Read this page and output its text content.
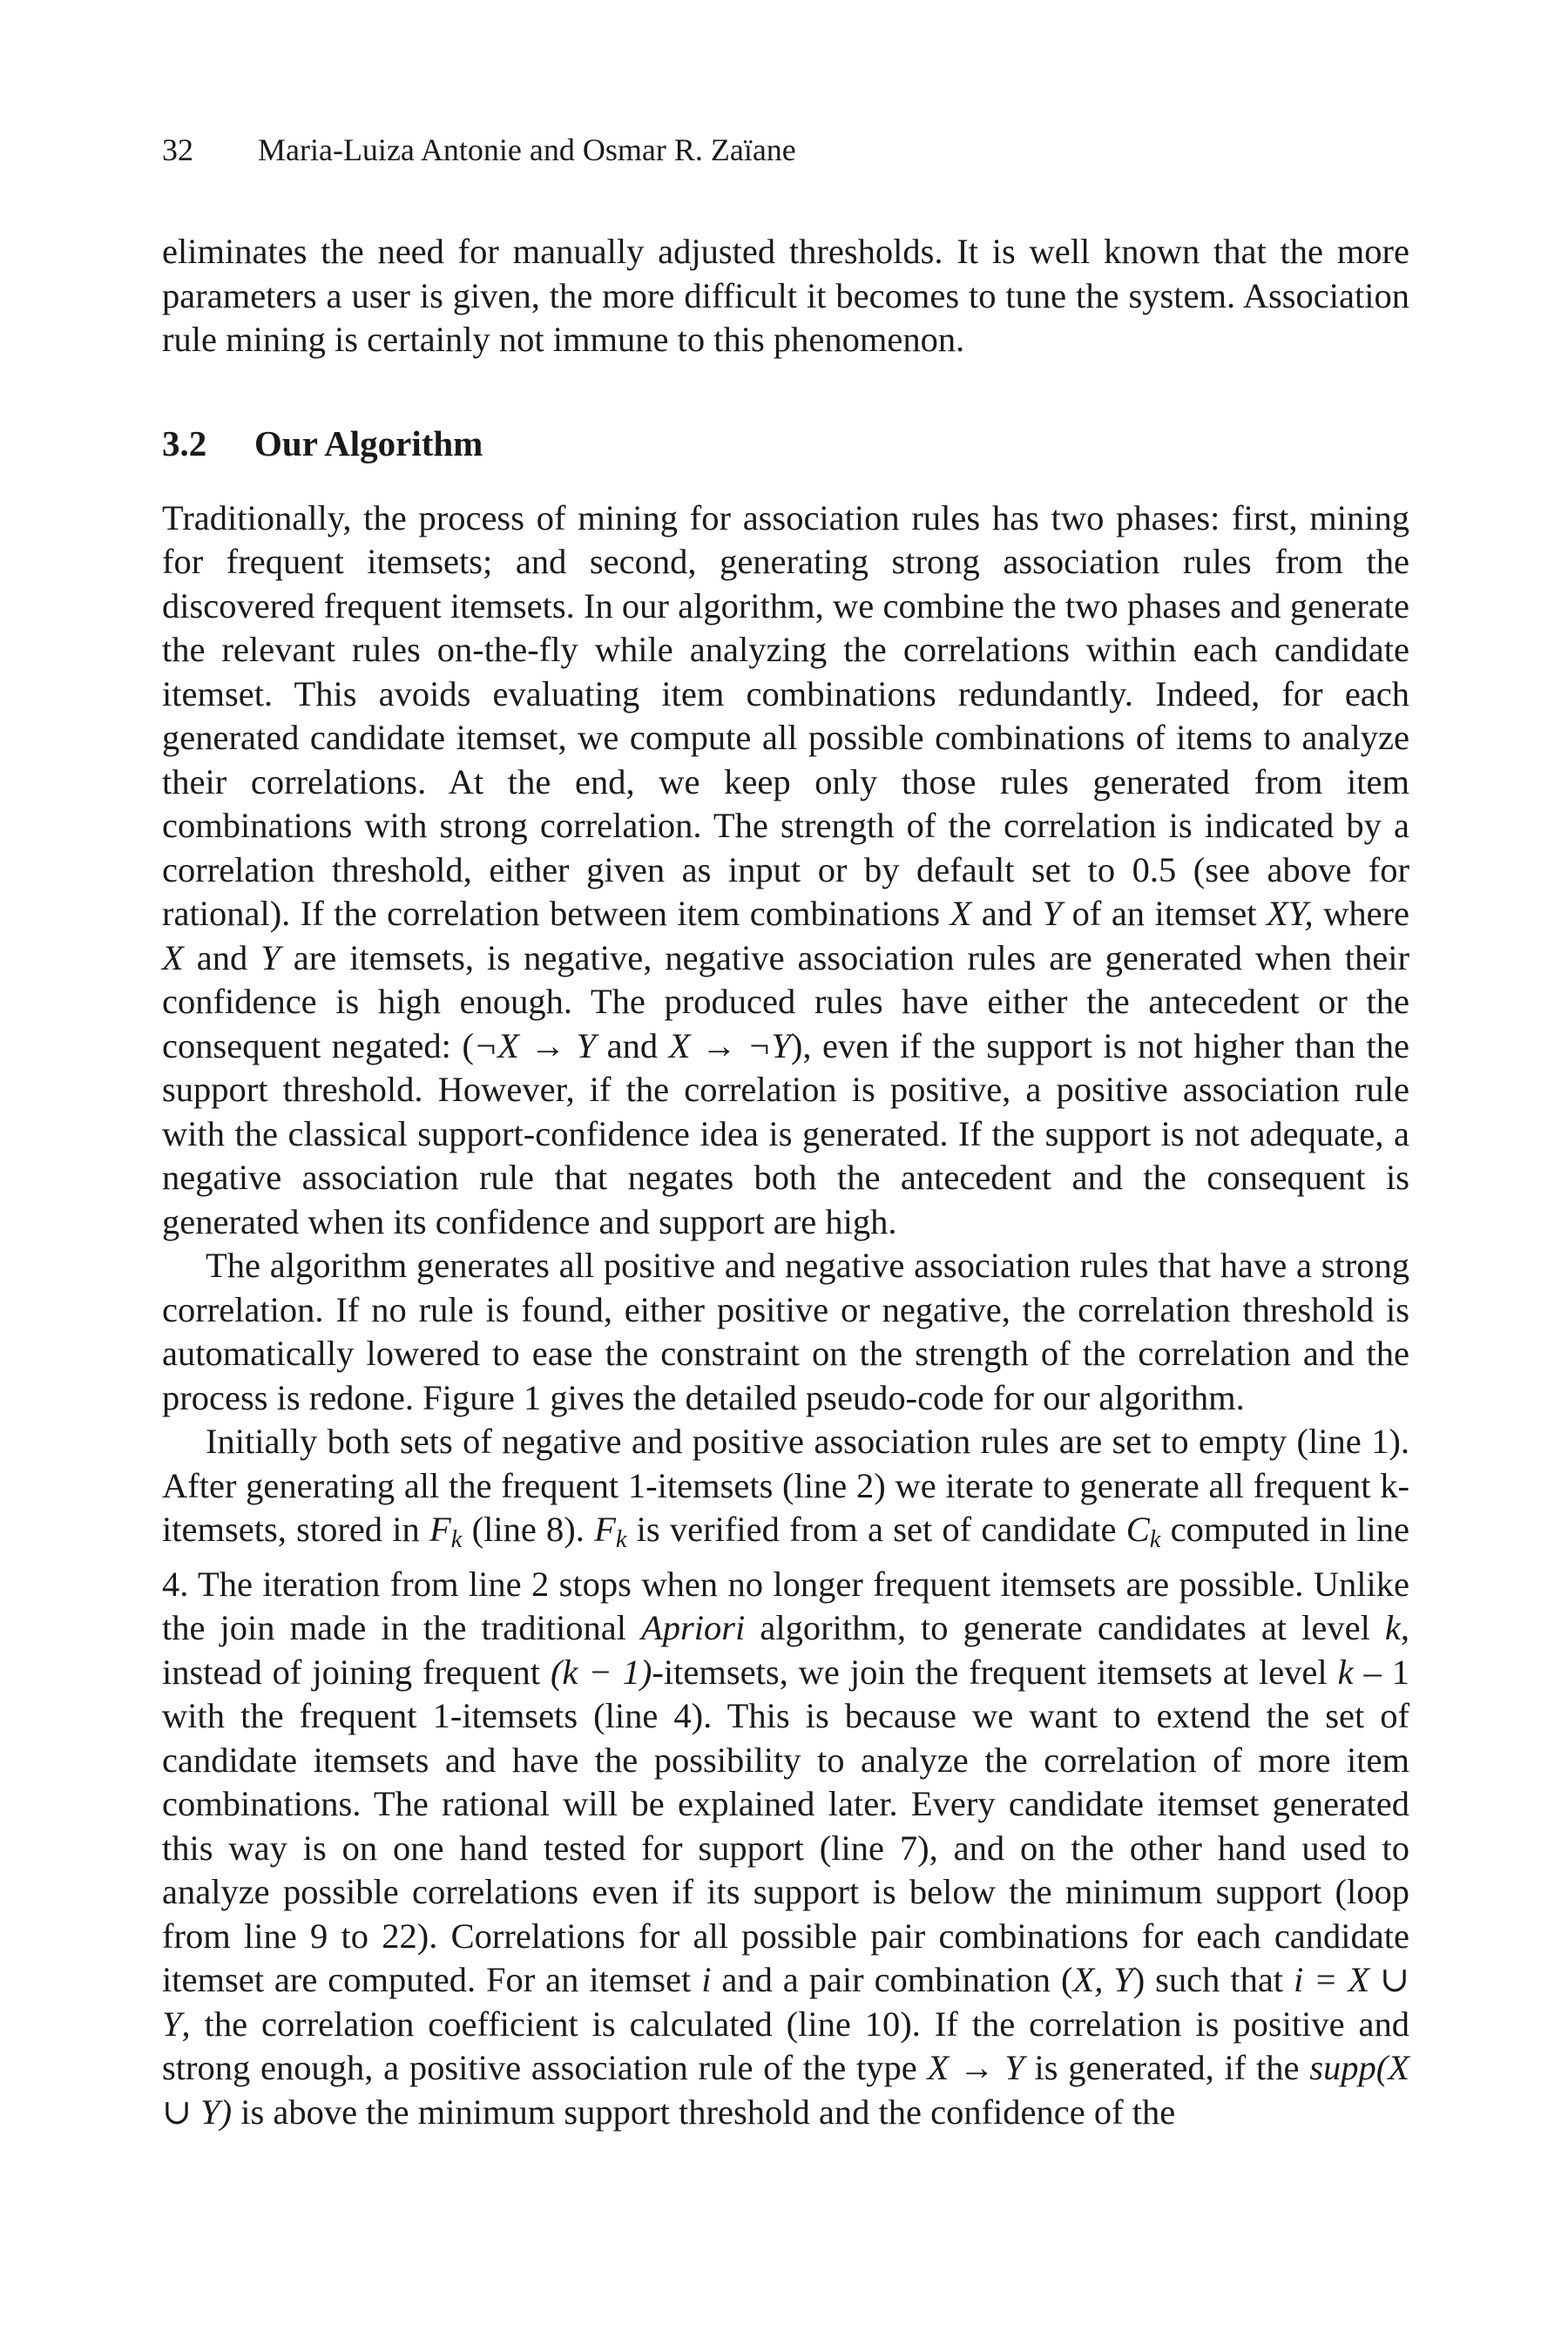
32 Maria-Luiza Antonie and Osmar R. Zaïane

eliminates the need for manually adjusted thresholds. It is well known that the more parameters a user is given, the more difficult it becomes to tune the system. Association rule mining is certainly not immune to this phenomenon.

3.2 Our Algorithm

Traditionally, the process of mining for association rules has two phases: first, mining for frequent itemsets; and second, generating strong association rules from the discovered frequent itemsets. In our algorithm, we combine the two phases and generate the relevant rules on-the-fly while analyzing the correlations within each candidate itemset. This avoids evaluating item combinations redundantly. Indeed, for each generated candidate itemset, we compute all possible combinations of items to analyze their correlations. At the end, we keep only those rules generated from item combinations with strong correlation. The strength of the correlation is indicated by a correlation threshold, either given as input or by default set to 0.5 (see above for rational). If the correlation between item combinations X and Y of an itemset XY, where X and Y are itemsets, is negative, negative association rules are generated when their confidence is high enough. The produced rules have either the antecedent or the consequent negated: (¬X → Y and X → ¬Y), even if the support is not higher than the support threshold. However, if the correlation is positive, a positive association rule with the classical support-confidence idea is generated. If the support is not adequate, a negative association rule that negates both the antecedent and the consequent is generated when its confidence and support are high.

The algorithm generates all positive and negative association rules that have a strong correlation. If no rule is found, either positive or negative, the correlation threshold is automatically lowered to ease the constraint on the strength of the correlation and the process is redone. Figure 1 gives the detailed pseudo-code for our algorithm.

Initially both sets of negative and positive association rules are set to empty (line 1). After generating all the frequent 1-itemsets (line 2) we iterate to generate all frequent k-itemsets, stored in $F_k$ (line 8). $F_k$ is verified from a set of candidate $C_k$ computed in line 4. The iteration from line 2 stops when no longer frequent itemsets are possible. Unlike the join made in the traditional Apriori algorithm, to generate candidates at level k, instead of joining frequent (k − 1)-itemsets, we join the frequent itemsets at level k – 1 with the frequent 1-itemsets (line 4). This is because we want to extend the set of candidate itemsets and have the possibility to analyze the correlation of more item combinations. The rational will be explained later. Every candidate itemset generated this way is on one hand tested for support (line 7), and on the other hand used to analyze possible correlations even if its support is below the minimum support (loop from line 9 to 22). Correlations for all possible pair combinations for each candidate itemset are computed. For an itemset i and a pair combination (X, Y) such that i = X ∪ Y, the correlation coefficient is calculated (line 10). If the correlation is positive and strong enough, a positive association rule of the type X → Y is generated, if the supp(X ∪ Y) is above the minimum support threshold and the confidence of the
